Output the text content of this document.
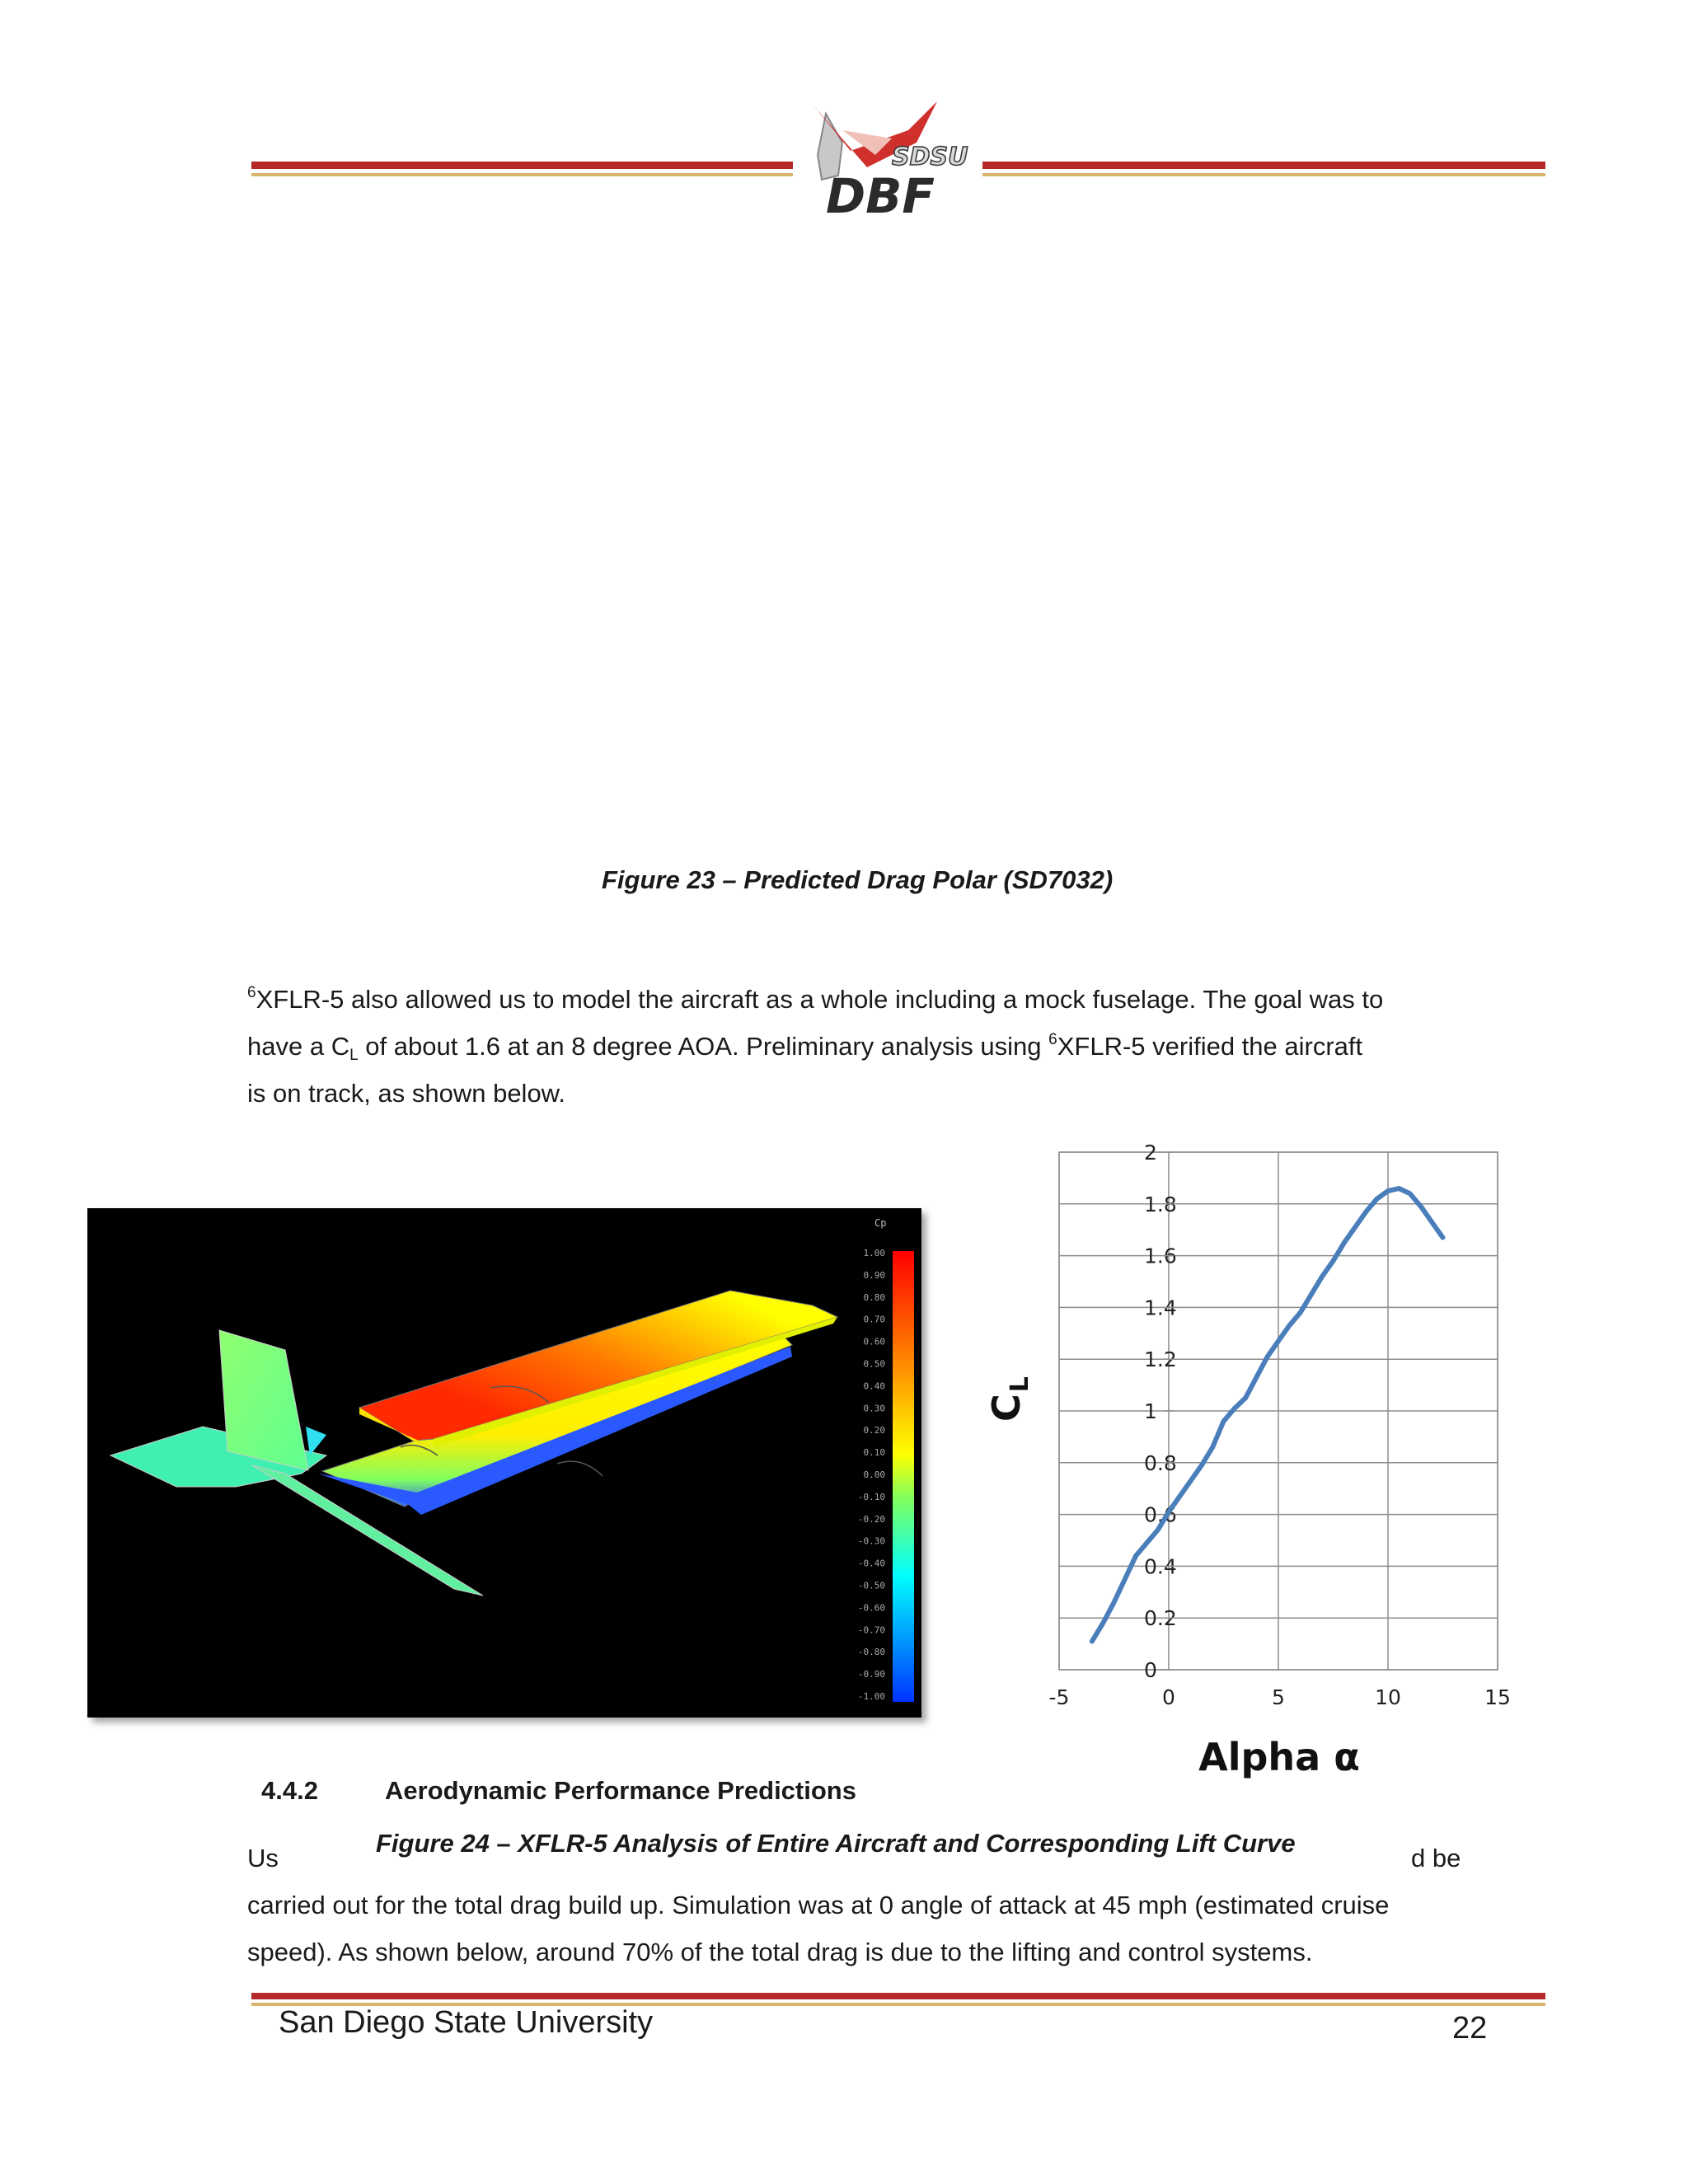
SDSU
DBF
Figure 23 – Predicted Drag Polar (SD7032)
$^6$XFLR-5 also allowed us to model the aircraft as a whole including a mock fuselage. The goal was to
have a $C_L$ of about 1.6 at an 8 degree AOA. Preliminary analysis using $^6$XFLR-5 verified the aircraft
is on track, as shown below.
Cp
1.00
0.90
0.80
0.70
0.60
0.50
0.40
0.30
0.20
0.10
0.00
-0.10
-0.20
-0.30
-0.40
-0.50
-0.60
-0.70
-0.80
-0.90
-1.00
0
0.2
0.4
0.6
0.8
1
1.2
1.4
1.6
1.8
2
-5	0	5	10	15
$C_L$
Alpha α
4.4.2	Aerodynamic Performance Predictions
Us	d be
Figure 24 – XFLR-5 Analysis of Entire Aircraft and Corresponding Lift Curve
carried out for the total drag build up. Simulation was at 0 angle of attack at 45 mph (estimated cruise
speed). As shown below, around 70% of the total drag is due to the lifting and control systems.
San Diego State University	22
